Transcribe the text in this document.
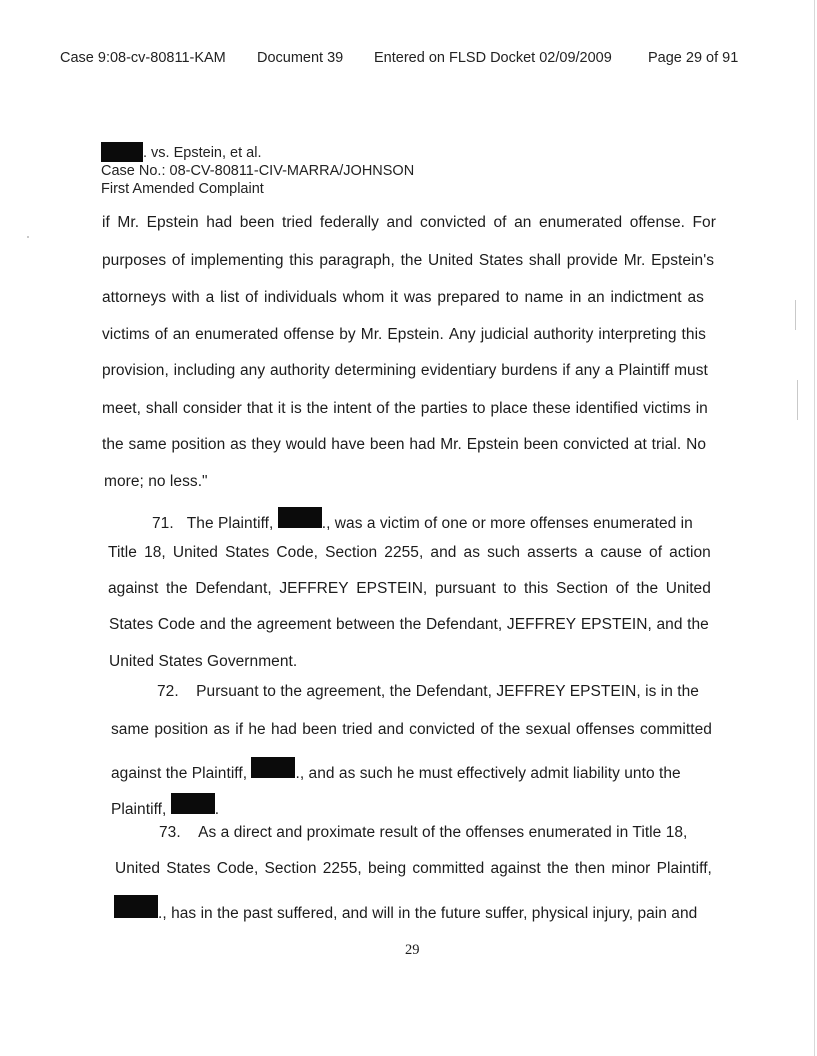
Case 9:08-cv-80811-KAM Document 39 Entered on FLSD Docket 02/09/2009 Page 29 of 91
. vs. Epstein, et al.
Case No.: 08-CV-80811-CIV-MARRA/JOHNSON
First Amended Complaint
if Mr. Epstein had been tried federally and convicted of an enumerated offense. For
purposes of implementing this paragraph, the United States shall provide Mr. Epstein's
attorneys with a list of individuals whom it was prepared to name in an indictment as
victims of an enumerated offense by Mr. Epstein. Any judicial authority interpreting this
provision, including any authority determining evidentiary burdens if any a Plaintiff must
meet, shall consider that it is the intent of the parties to place these identified victims in
the same position as they would have been had Mr. Epstein been convicted at trial. No
more; no less."
71.
The Plaintiff,
	., was a victim of one or more offenses enumerated in
Title 18, United States Code, Section 2255, and as such asserts a cause of action
against the Defendant, JEFFREY EPSTEIN, pursuant to this Section of the United
States Code and the agreement between the Defendant, JEFFREY EPSTEIN, and the
United States Government.
72.
Pursuant to the agreement, the Defendant, JEFFREY EPSTEIN, is in the
same position as if he had been tried and convicted of the sexual offenses committed
against the Plaintiff,
	., and as such he must effectively admit liability unto the
Plaintiff,
	.
73.
As a direct and proximate result of the offenses enumerated in Title 18,
United States Code, Section 2255, being committed against the then minor Plaintiff,
., has in the past suffered, and will in the future suffer, physical injury, pain and
29
